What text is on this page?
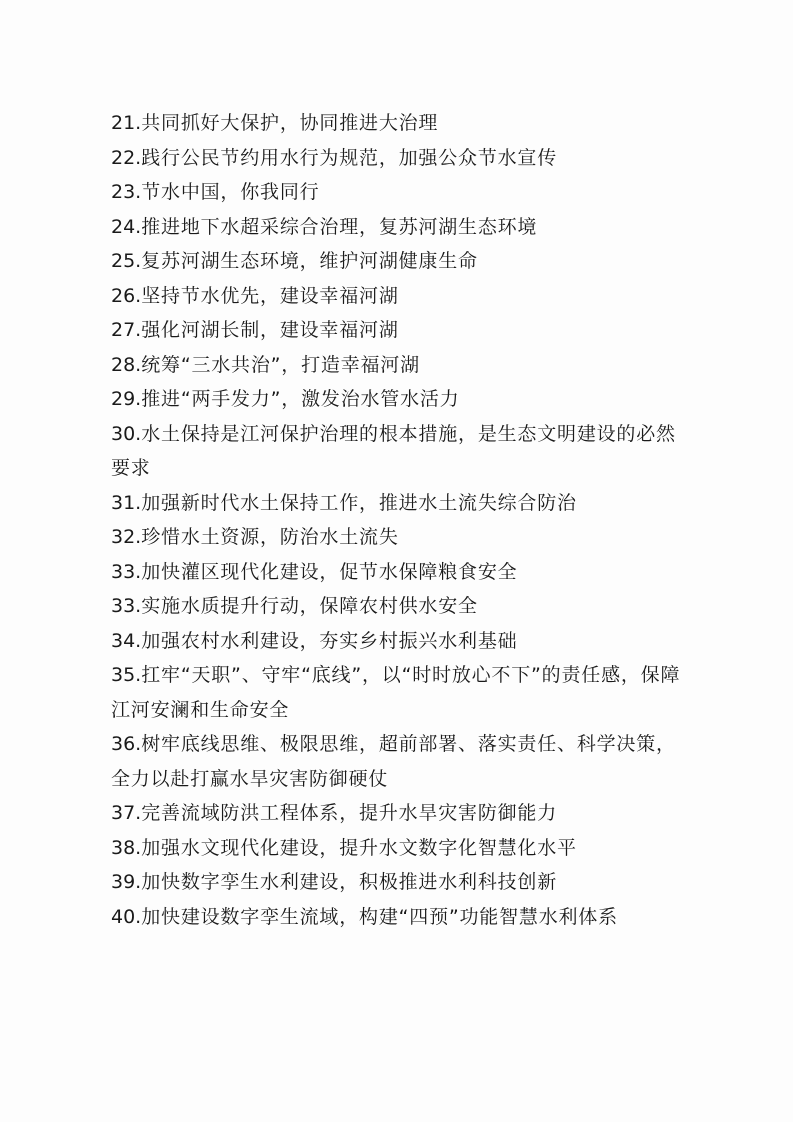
21.共同抓好大保护，协同推进大治理

22.践行公民节约用水行为规范，加强公众节水宣传

23.节水中国，你我同行

24.推进地下水超采综合治理，复苏河湖生态环境

25.复苏河湖生态环境，维护河湖健康生命

26.坚持节水优先，建设幸福河湖

27.强化河湖长制，建设幸福河湖

28.统筹“三水共治”，打造幸福河湖

29.推进“两手发力”，激发治水管水活力

30.水土保持是江河保护治理的根本措施，是生态文明建设的必然要求

31.加强新时代水土保持工作，推进水土流失综合防治

32.珍惜水土资源，防治水土流失

33.加快灌区现代化建设，促节水保障粮食安全

33.实施水质提升行动，保障农村供水安全

34.加强农村水利建设，夯实乡村振兴水利基础

35.扛牢“天职”、守牢“底线”，以“时时放心不下”的责任感，保障江河安澜和生命安全

36.树牢底线思维、极限思维，超前部署、落实责任、科学决策，全力以赴打赢水旱灾害防御硬仗

37.完善流域防洪工程体系，提升水旱灾害防御能力

38.加强水文现代化建设，提升水文数字化智慧化水平

39.加快数字孪生水利建设，积极推进水利科技创新

40.加快建设数字孪生流域，构建“四预”功能智慧水利体系
